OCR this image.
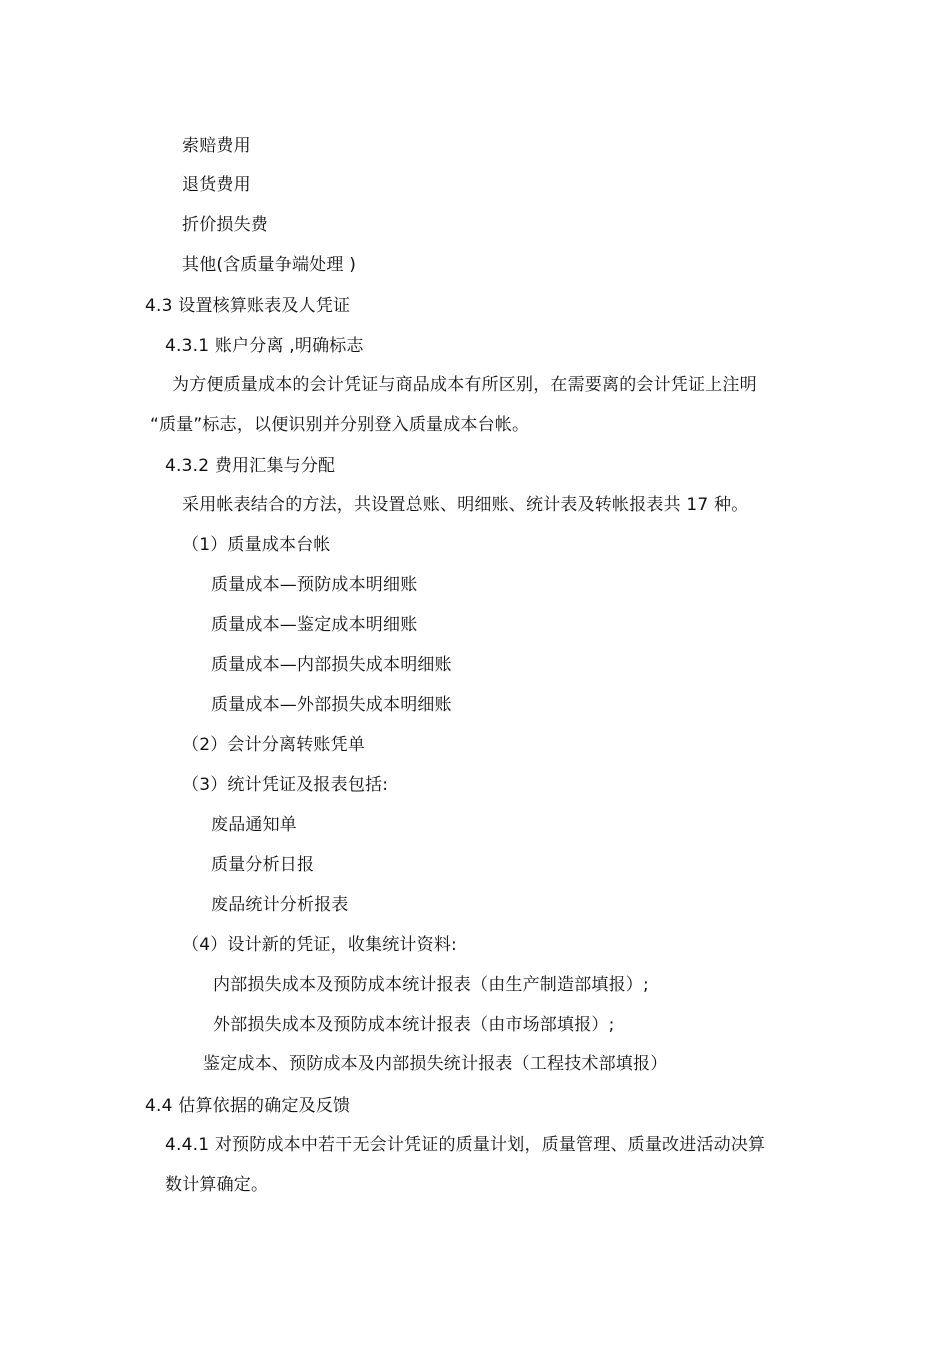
索赔费用
退货费用
折价损失费
其他(含质量争端处理 )
4.3 设置核算账表及人凭证
4.3.1 账户分离 ,明确标志
为方便质量成本的会计凭证与商品成本有所区别，在需要离的会计凭证上注明
“质量”标志，以便识别并分别登入质量成本台帐。
4.3.2 费用汇集与分配
采用帐表结合的方法，共设置总账、明细账、统计表及转帐报表共 17 种。
（1）质量成本台帐
质量成本—预防成本明细账
质量成本—鉴定成本明细账
质量成本—内部损失成本明细账
质量成本—外部损失成本明细账
（2）会计分离转账凭单
（3）统计凭证及报表包括:
废品通知单
质量分析日报
废品统计分析报表
（4）设计新的凭证，收集统计资料:
内部损失成本及预防成本统计报表（由生产制造部填报）;
外部损失成本及预防成本统计报表（由市场部填报）;
鉴定成本、预防成本及内部损失统计报表（工程技术部填报）
4.4 估算依据的确定及反馈
4.4.1 对预防成本中若干无会计凭证的质量计划，质量管理、质量改进活动决算
数计算确定。
